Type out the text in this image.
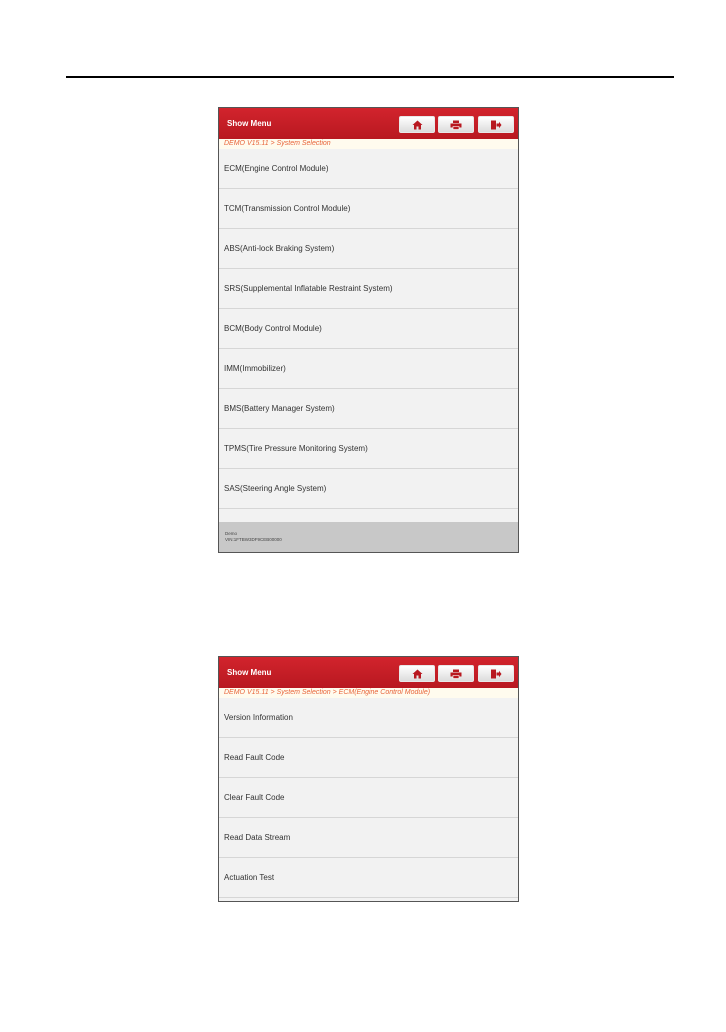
Show Menu
DEMO V15.11 > System Selection
ECM(Engine Control Module)
TCM(Transmission Control Module)
ABS(Anti-lock Braking System)
SRS(Supplemental Inflatable Restraint System)
BCM(Body Control Module)
IMM(Immobilizer)
BMS(Battery Manager System)
TPMS(Tire Pressure Monitoring System)
SAS(Steering Angle System)
Demo
VIN:1FTBW3DF9CEB00000
Show Menu
DEMO V15.11 > System Selection > ECM(Engine Control Module)
Version Information
Read Fault Code
Clear Fault Code
Read Data Stream
Actuation Test
